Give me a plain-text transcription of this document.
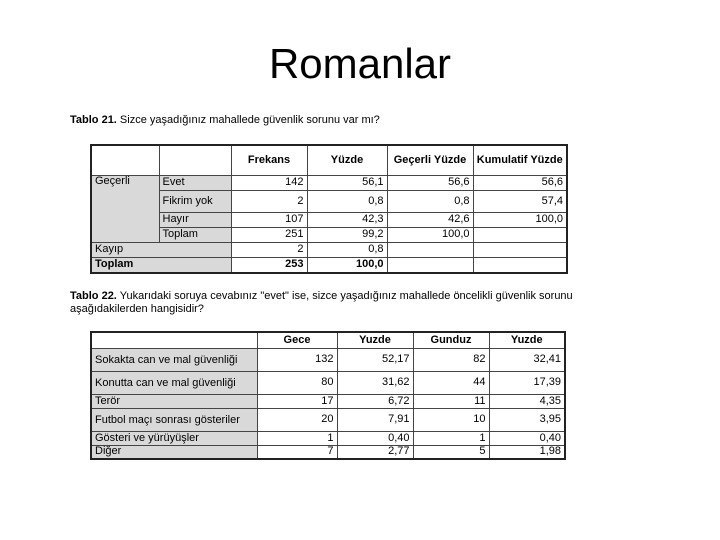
Romanlar
Tablo 21. Sizce yaşadığınız mahallede güvenlik sorunu var mı?
		Frekans	Yüzde	Geçerli Yüzde	Kumulatif Yüzde
Geçerli	Evet	142	56,1	56,6	56,6
	Fikrim yok	2	0,8	0,8	57,4
	Hayır	107	42,3	42,6	100,0
	Toplam	251	99,2	100,0	
Kayıp		2	0,8		
Toplam		253	100,0		
Tablo 22. Yukarıdaki soruya cevabınız "evet" ise, sizce yaşadığınız mahallede öncelikli güvenlik sorunu aşağıdakilerden hangisidir?
	Gece	Yuzde	Gunduz	Yuzde
Sokakta can ve mal güvenliği	132	52,17	82	32,41
Konutta can ve mal güvenliği	80	31,62	44	17,39
Terör	17	6,72	11	4,35
Futbol maçı sonrası gösteriler	20	7,91	10	3,95
Gösteri ve yürüyüşler	1	0,40	1	0,40
Diğer	7	2,77	5	1,98
